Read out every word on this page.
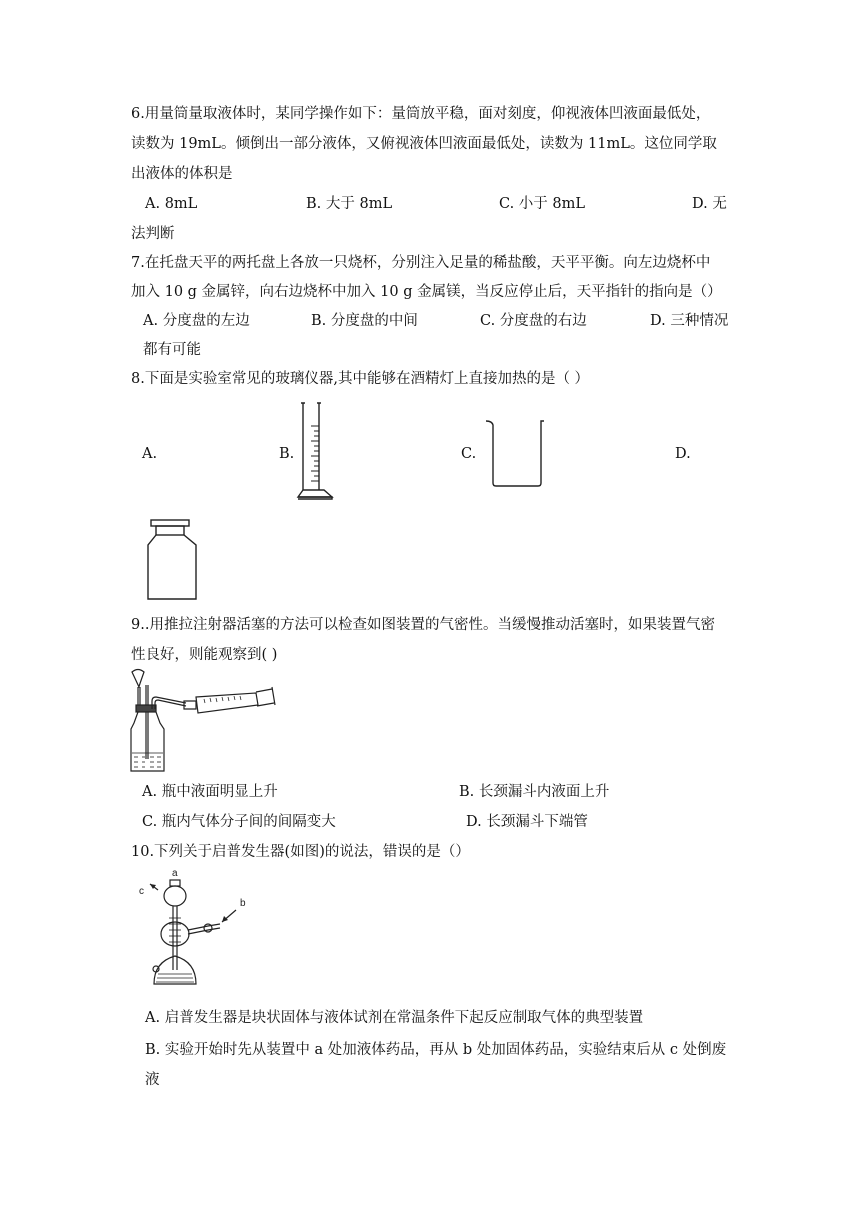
6.用量筒量取液体时，某同学操作如下：量筒放平稳，面对刻度，仰视液体凹液面最低处，
读数为 19mL。倾倒出一部分液体，又俯视液体凹液面最低处，读数为 11mL。这位同学取
出液体的体积是
A. 8mL	B. 大于 8mL	C. 小于 8mL	D. 无
法判断
7.在托盘天平的两托盘上各放一只烧杯，分别注入足量的稀盐酸，天平平衡。向左边烧杯中
加入 10 g 金属锌，向右边烧杯中加入 10 g 金属镁，当反应停止后，天平指针的指向是（）
A. 分度盘的左边	B. 分度盘的中间	C. 分度盘的右边	D. 三种情况
都有可能
8.下面是实验室常见的玻璃仪器,其中能够在酒精灯上直接加热的是（ ）
A.	B.	C.	D.
9..用推拉注射器活塞的方法可以检查如图装置的气密性。当缓慢推动活塞时，如果装置气密
性良好，则能观察到( )
A. 瓶中液面明显上升	B. 长颈漏斗内液面上升
C. 瓶内气体分子间的间隔变大	D. 长颈漏斗下端管
10.下列关于启普发生器(如图)的说法，错误的是（）
a
c
b
A. 启普发生器是块状固体与液体试剂在常温条件下起反应制取气体的典型装置
B. 实验开始时先从装置中 a 处加液体药品，再从 b 处加固体药品，实验结束后从 c 处倒废
液
